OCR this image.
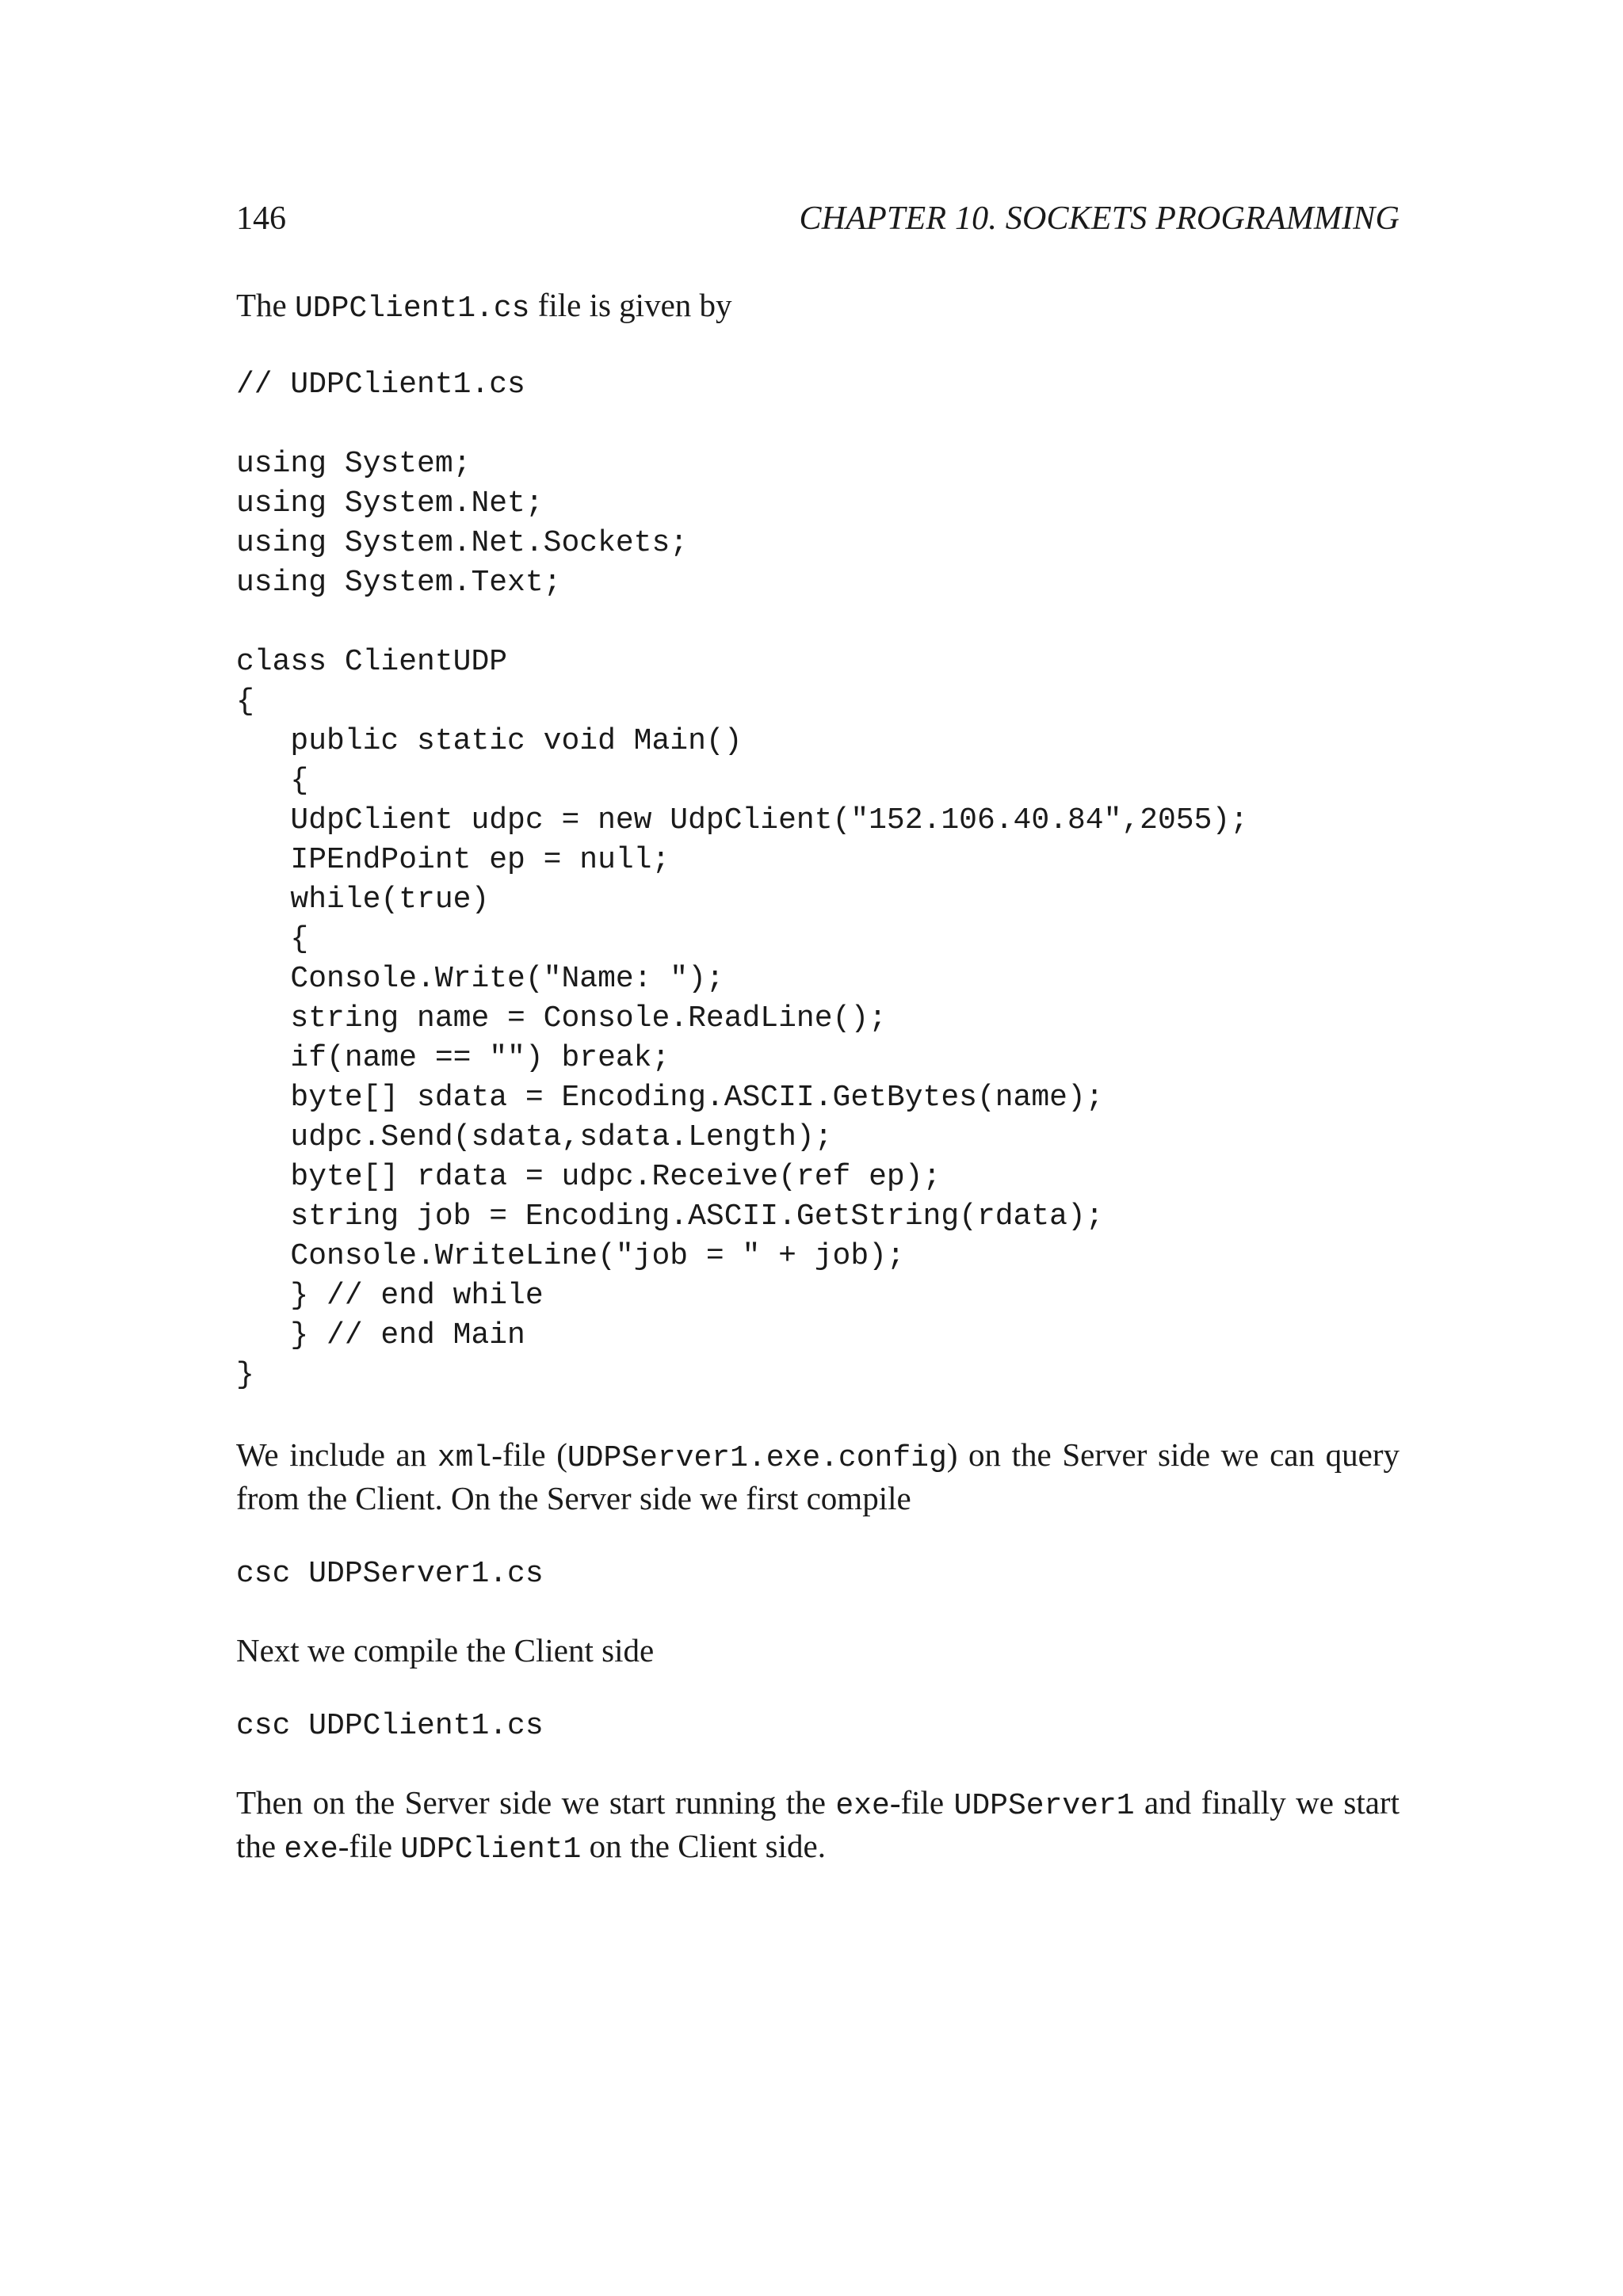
146	CHAPTER 10. SOCKETS PROGRAMMING

The UDPClient1.cs file is given by

// UDPClient1.cs

using System;
using System.Net;
using System.Net.Sockets;
using System.Text;

class ClientUDP
{
public static void Main()
{
UdpClient udpc = new UdpClient("152.106.40.84",2055);
IPEndPoint ep = null;
while(true)
{
Console.Write("Name: ");
string name = Console.ReadLine();
if(name == "") break;
byte[] sdata = Encoding.ASCII.GetBytes(name);
udpc.Send(sdata,sdata.Length);
byte[] rdata = udpc.Receive(ref ep);
string job = Encoding.ASCII.GetString(rdata);
Console.WriteLine("job = " + job);
} // end while
} // end Main
}

We include an xml-file (UDPServer1.exe.config) on the Server side we can query from the Client. On the Server side we first compile

csc UDPServer1.cs

Next we compile the Client side

csc UDPClient1.cs

Then on the Server side we start running the exe-file UDPServer1 and finally we start the exe-file UDPClient1 on the Client side.
